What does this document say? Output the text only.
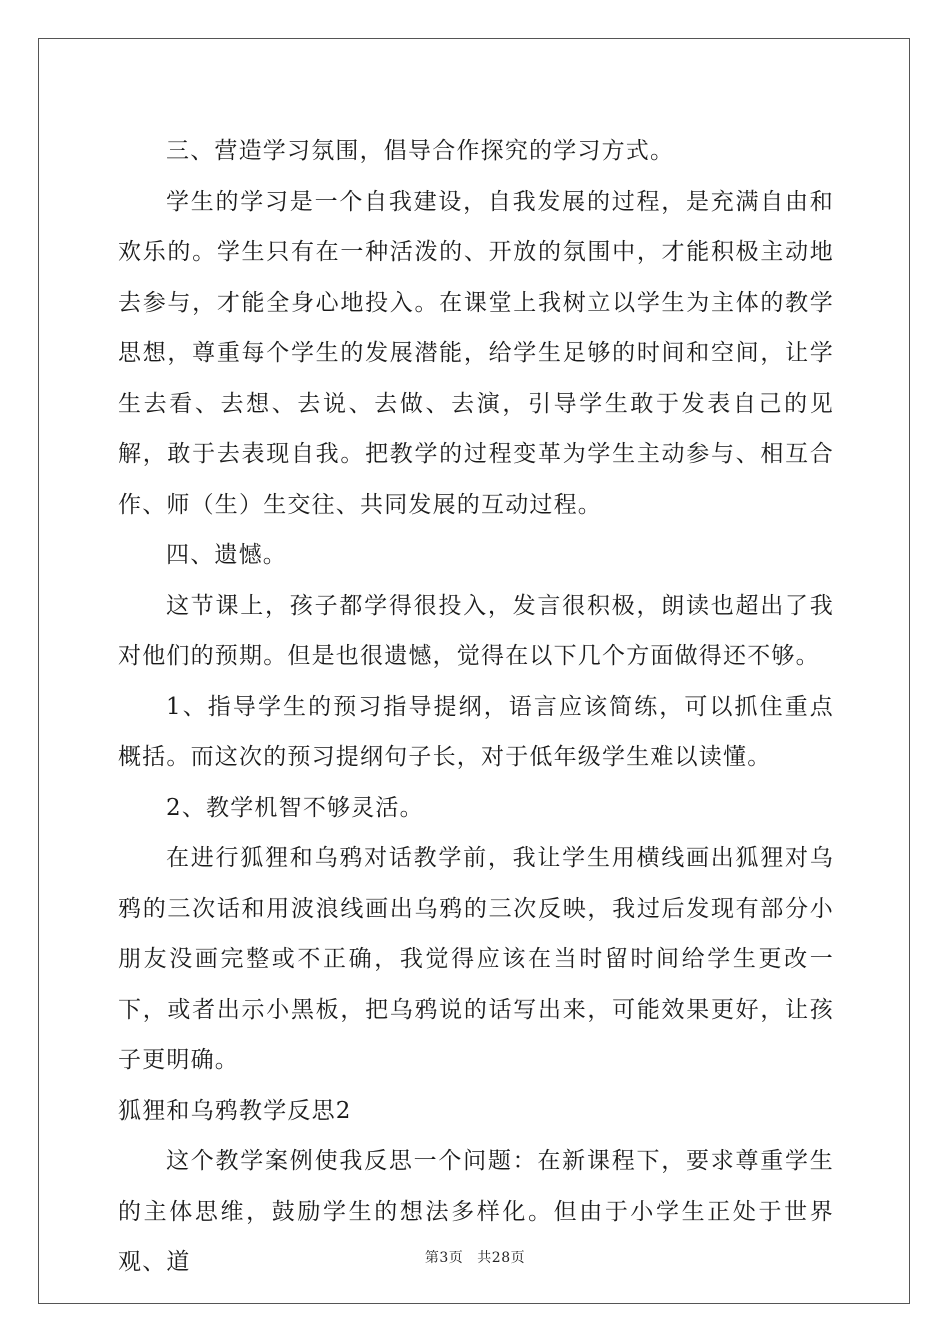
三、营造学习氛围，倡导合作探究的学习方式。

学生的学习是一个自我建设，自我发展的过程，是充满自由和欢乐的。学生只有在一种活泼的、开放的氛围中，才能积极主动地去参与，才能全身心地投入。在课堂上我树立以学生为主体的教学思想，尊重每个学生的发展潜能，给学生足够的时间和空间，让学生去看、去想、去说、去做、去演，引导学生敢于发表自己的见解，敢于去表现自我。把教学的过程变革为学生主动参与、相互合作、师（生）生交往、共同发展的互动过程。

四、遗憾。

这节课上，孩子都学得很投入，发言很积极，朗读也超出了我对他们的预期。但是也很遗憾，觉得在以下几个方面做得还不够。

1、指导学生的预习指导提纲，语言应该简练，可以抓住重点概括。而这次的预习提纲句子长，对于低年级学生难以读懂。

2、教学机智不够灵活。

在进行狐狸和乌鸦对话教学前，我让学生用横线画出狐狸对乌鸦的三次话和用波浪线画出乌鸦的三次反映，我过后发现有部分小朋友没画完整或不正确，我觉得应该在当时留时间给学生更改一下，或者出示小黑板，把乌鸦说的话写出来，可能效果更好，让孩子更明确。

狐狸和乌鸦教学反思2

这个教学案例使我反思一个问题：在新课程下，要求尊重学生的主体思维，鼓励学生的想法多样化。但由于小学生正处于世界观、道	第3页 共28页
